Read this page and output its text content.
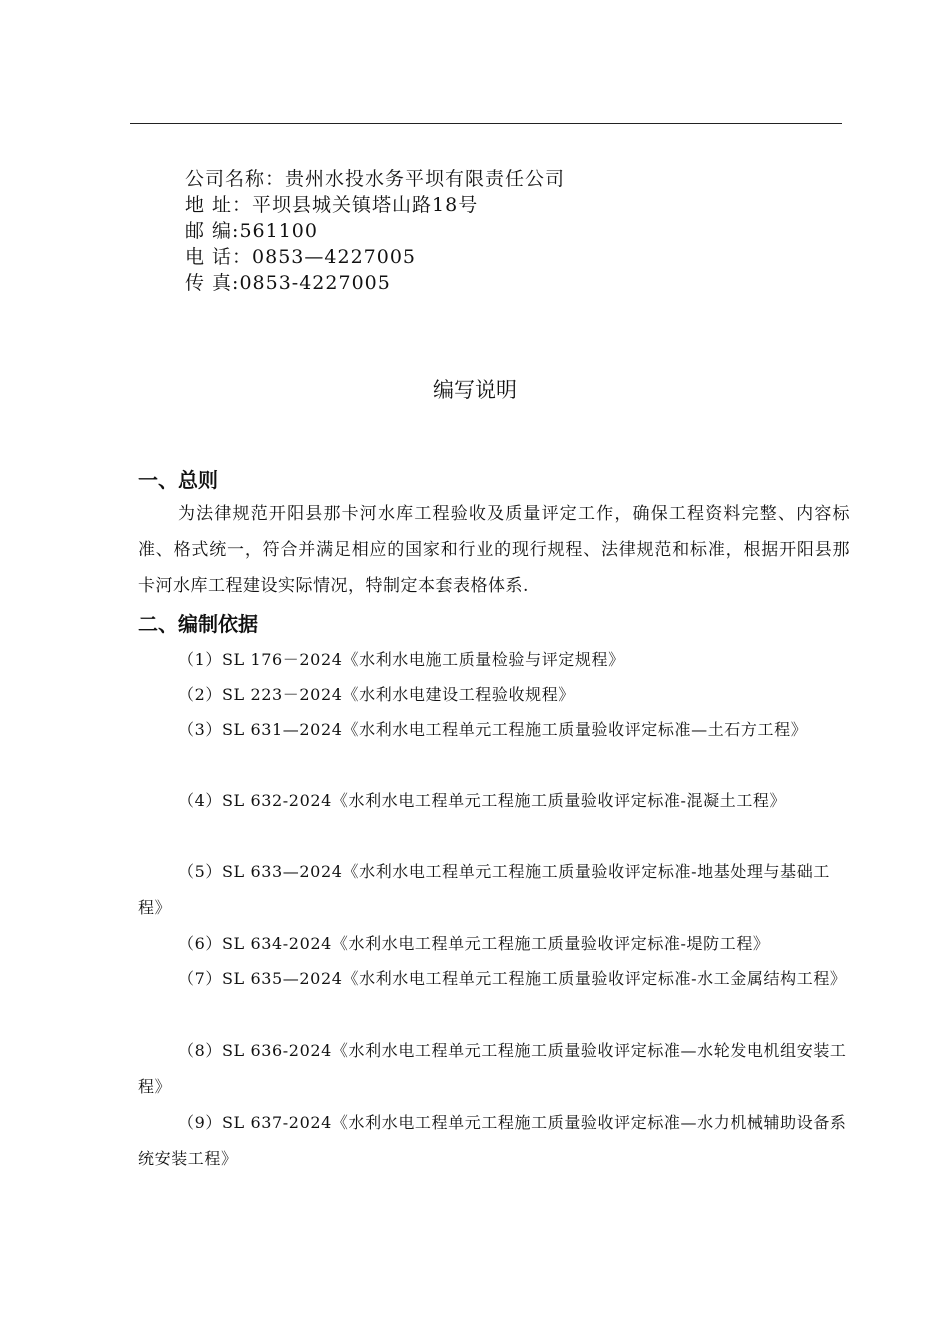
公司名称：贵州水投水务平坝有限责任公司
地 址：平坝县城关镇塔山路18号
邮 编:561100
电 话：0853—4227005
传 真:0853-4227005
编写说明
一、总则
为法律规范开阳县那卡河水库工程验收及质量评定工作，确保工程资料完整、内容标准、格式统一，符合并满足相应的国家和行业的现行规程、法律规范和标准，根据开阳县那卡河水库工程建设实际情况，特制定本套表格体系.
二、编制依据
（1）SL 176－2024《水利水电施工质量检验与评定规程》
（2）SL 223－2024《水利水电建设工程验收规程》
（3）SL 631—2024《水利水电工程单元工程施工质量验收评定标准—土石方工程》
（4）SL 632-2024《水利水电工程单元工程施工质量验收评定标准-混凝土工程》
（5）SL 633—2024《水利水电工程单元工程施工质量验收评定标准-地基处理与基础工程》
（6）SL 634-2024《水利水电工程单元工程施工质量验收评定标准-堤防工程》
（7）SL 635—2024《水利水电工程单元工程施工质量验收评定标准-水工金属结构工程》
（8）SL 636-2024《水利水电工程单元工程施工质量验收评定标准—水轮发电机组安装工程》
（9）SL 637-2024《水利水电工程单元工程施工质量验收评定标准—水力机械辅助设备系统安装工程》
